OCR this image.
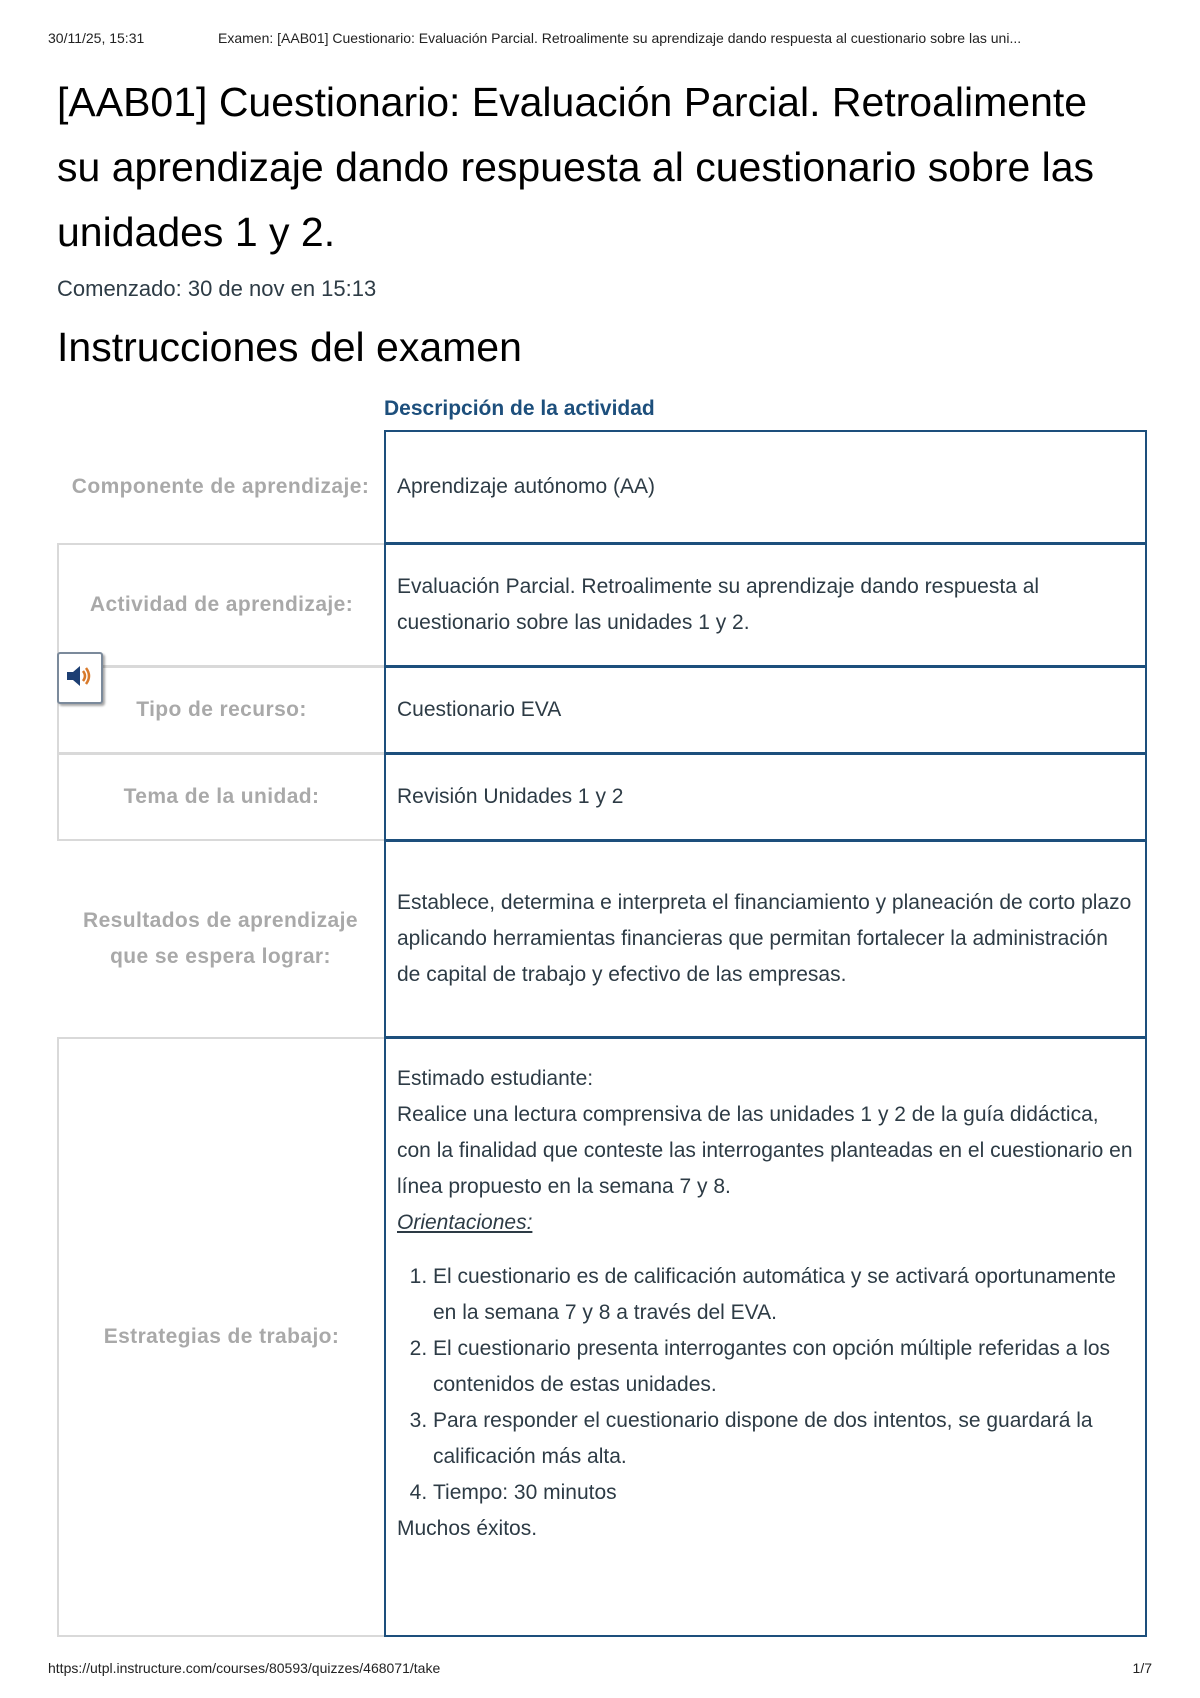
30/11/25, 15:31	Examen: [AAB01] Cuestionario: Evaluación Parcial. Retroalimente su aprendizaje dando respuesta al cuestionario sobre las uni...
[AAB01] Cuestionario: Evaluación Parcial. Retroalimente su aprendizaje dando respuesta al cuestionario sobre las unidades 1 y 2.

Comenzado: 30 de nov en 15:13

Instrucciones del examen
Descripción de la actividad
Componente de aprendizaje:	Aprendizaje autónomo (AA)

Actividad de aprendizaje:

Evaluación Parcial. Retroalimente su aprendizaje dando respuesta al cuestionario sobre las unidades 1 y 2.

Tipo de recurso:	Cuestionario EVA

Tema de la unidad:	Revisión Unidades 1 y 2

Resultados de aprendizaje que se espera lograr:

Establece, determina e interpreta el financiamiento y planeación de corto plazo aplicando herramientas financieras que permitan fortalecer la administración de capital de trabajo y efectivo de las empresas.

Estrategias de trabajo:

Estimado estudiante:

Realice una lectura comprensiva de las unidades 1 y 2 de la guía didáctica, con la finalidad que conteste las interrogantes planteadas en el cuestionario en línea propuesto en la semana 7 y 8.

Orientaciones:

1. El cuestionario es de calificación automática y se activará oportunamente en la semana 7 y 8 a través del EVA.
2. El cuestionario presenta interrogantes con opción múltiple referidas a los contenidos de estas unidades.
3. Para responder el cuestionario dispone de dos intentos, se guardará la calificación más alta.
4. Tiempo: 30 minutos

Muchos éxitos.

https://utpl.instructure.com/courses/80593/quizzes/468071/take	1/7
